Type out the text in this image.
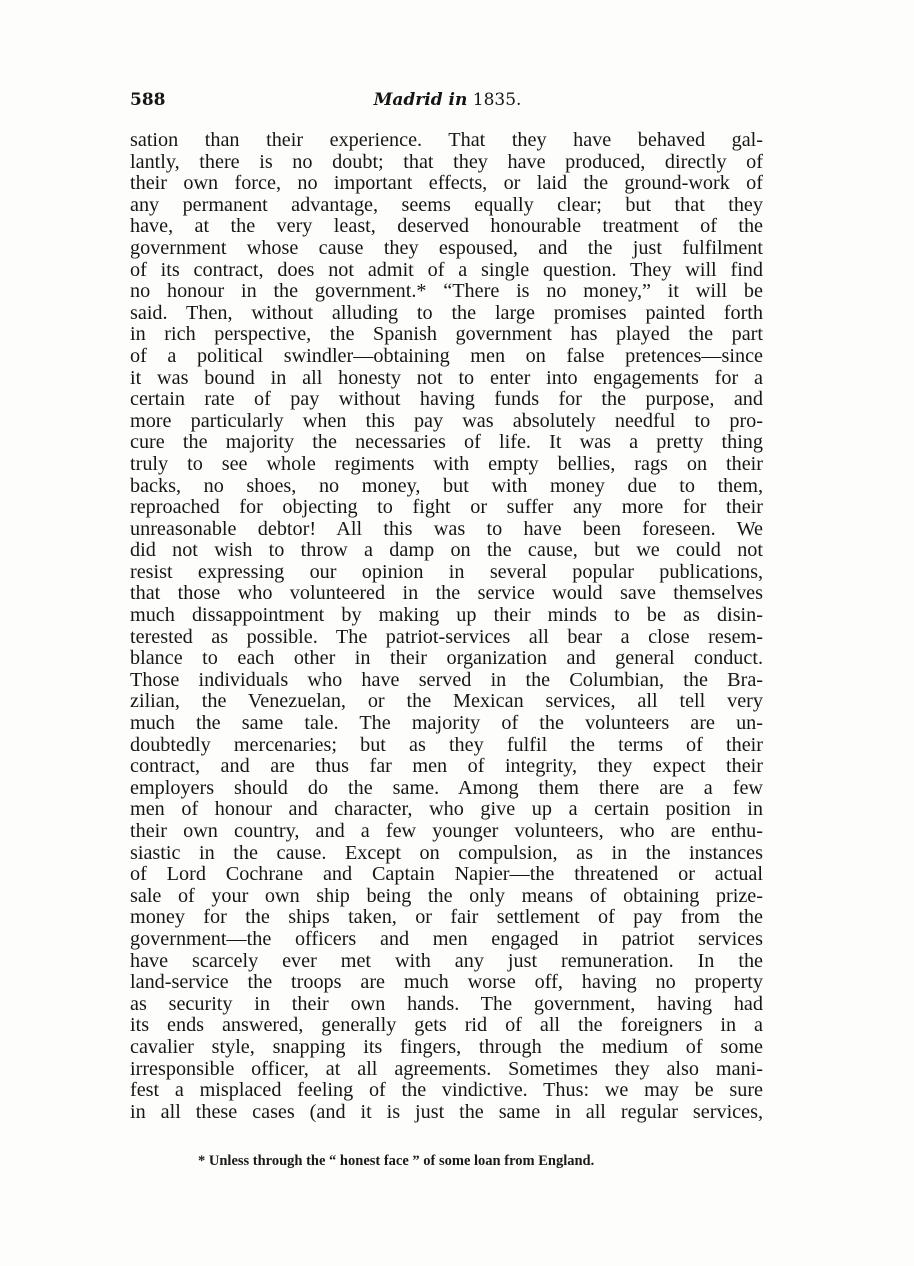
588	Madrid in 1835.
sation than their experience. That they have behaved gal-
lantly, there is no doubt; that they have produced, directly of
their own force, no important effects, or laid the ground-work of
any permanent advantage, seems equally clear; but that they
have, at the very least, deserved honourable treatment of the
government whose cause they espoused, and the just fulfilment
of its contract, does not admit of a single question. They will find
no honour in the government.* “There is no money,” it will be
said. Then, without alluding to the large promises painted forth
in rich perspective, the Spanish government has played the part
of a political swindler—obtaining men on false pretences—since
it was bound in all honesty not to enter into engagements for a
certain rate of pay without having funds for the purpose, and
more particularly when this pay was absolutely needful to pro-
cure the majority the necessaries of life. It was a pretty thing
truly to see whole regiments with empty bellies, rags on their
backs, no shoes, no money, but with money due to them,
reproached for objecting to fight or suffer any more for their
unreasonable debtor! All this was to have been foreseen. We
did not wish to throw a damp on the cause, but we could not
resist expressing our opinion in several popular publications,
that those who volunteered in the service would save themselves
much dissappointment by making up their minds to be as disin-
terested as possible. The patriot-services all bear a close resem-
blance to each other in their organization and general conduct.
Those individuals who have served in the Columbian, the Bra-
zilian, the Venezuelan, or the Mexican services, all tell very
much the same tale. The majority of the volunteers are un-
doubtedly mercenaries; but as they fulfil the terms of their
contract, and are thus far men of integrity, they expect their
employers should do the same. Among them there are a few
men of honour and character, who give up a certain position in
their own country, and a few younger volunteers, who are enthu-
siastic in the cause. Except on compulsion, as in the instances
of Lord Cochrane and Captain Napier—the threatened or actual
sale of your own ship being the only means of obtaining prize-
money for the ships taken, or fair settlement of pay from the
government—the officers and men engaged in patriot services
have scarcely ever met with any just remuneration. In the
land-service the troops are much worse off, having no property
as security in their own hands. The government, having had
its ends answered, generally gets rid of all the foreigners in a
cavalier style, snapping its fingers, through the medium of some
irresponsible officer, at all agreements. Sometimes they also mani-
fest a misplaced feeling of the vindictive. Thus: we may be sure
in all these cases (and it is just the same in all regular services,
* Unless through the “ honest face ” of some loan from England.
